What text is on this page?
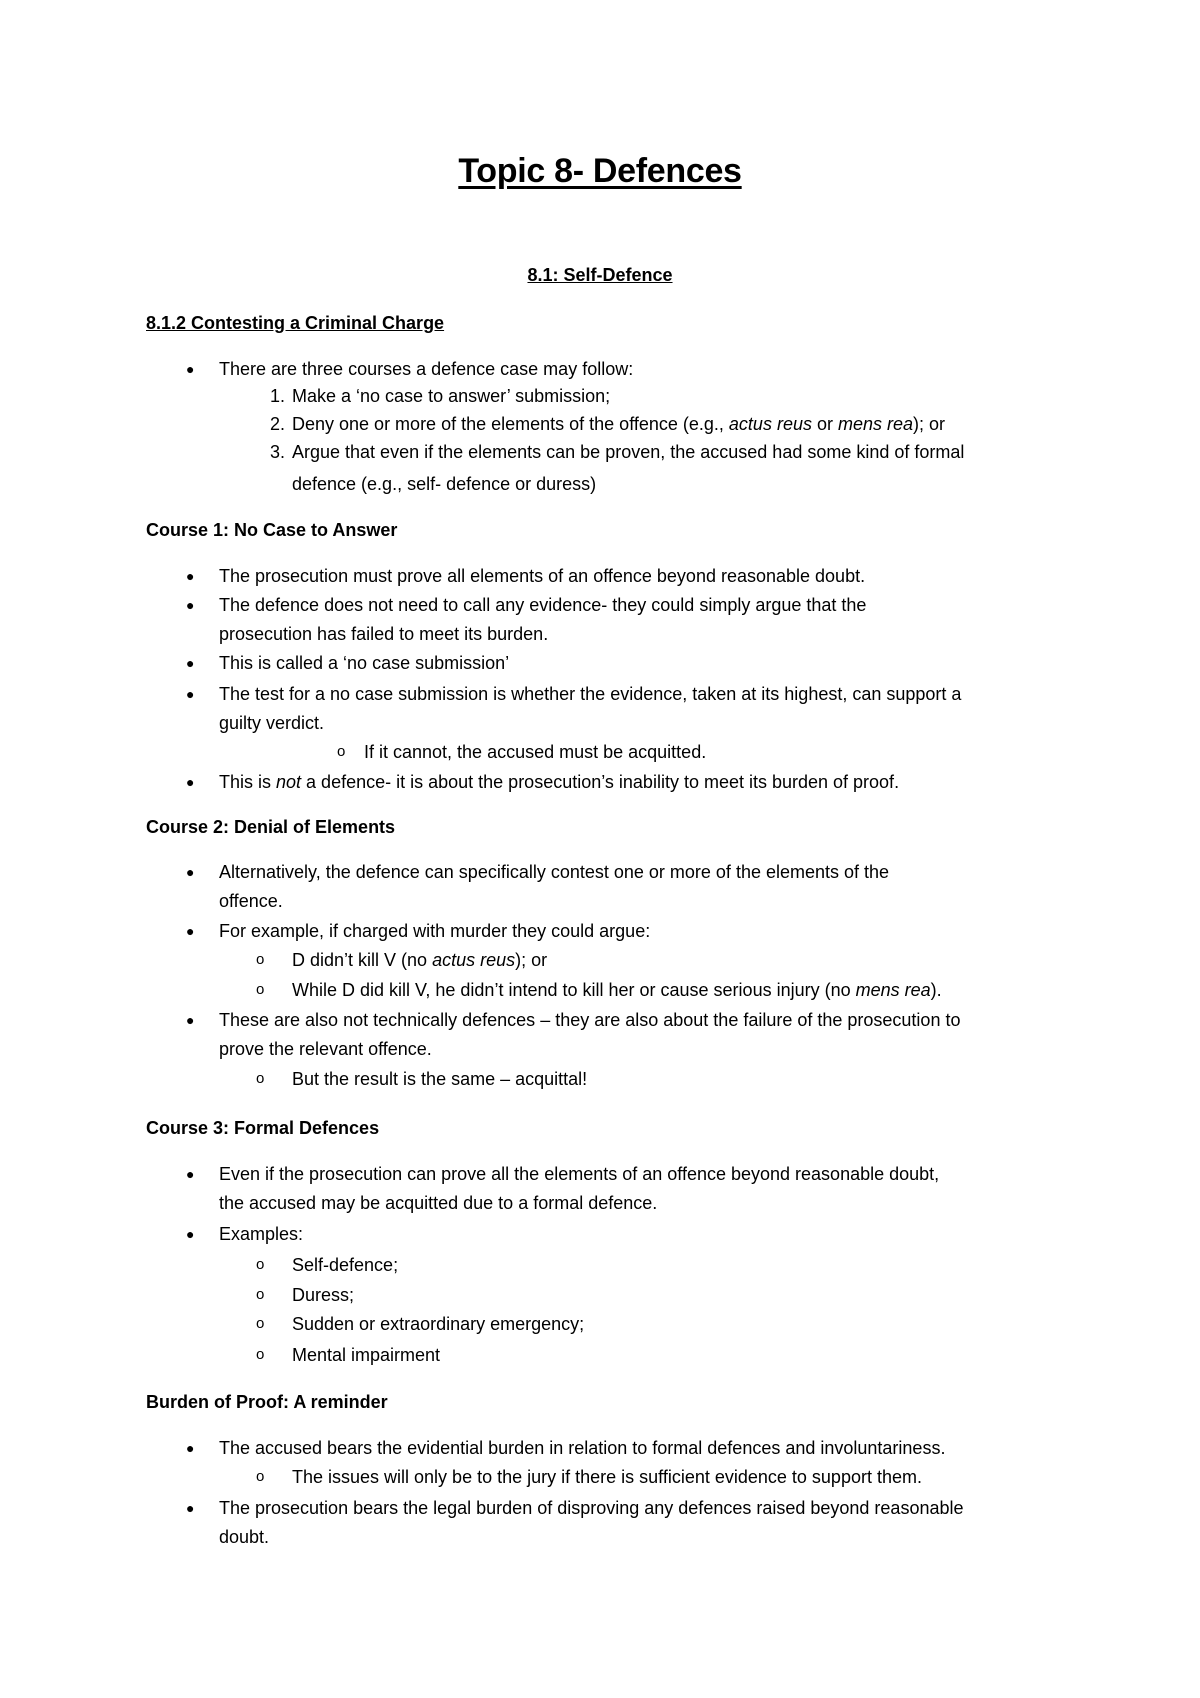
Topic 8- Defences
8.1: Self-Defence
8.1.2 Contesting a Criminal Charge
● There are three courses a defence case may follow:
1. Make a ‘no case to answer’ submission;
2. Deny one or more of the elements of the offence (e.g., actus reus or mens rea); or
3. Argue that even if the elements can be proven, the accused had some kind of formal
defence (e.g., self- defence or duress)
Course 1: No Case to Answer
● The prosecution must prove all elements of an offence beyond reasonable doubt.
● The defence does not need to call any evidence- they could simply argue that the
prosecution has failed to meet its burden.
● This is called a ‘no case submission’
● The test for a no case submission is whether the evidence, taken at its highest, can support a
guilty verdict.
o If it cannot, the accused must be acquitted.
● This is not a defence- it is about the prosecution’s inability to meet its burden of proof.
Course 2: Denial of Elements
● Alternatively, the defence can specifically contest one or more of the elements of the
offence.
● For example, if charged with murder they could argue:
o D didn’t kill V (no actus reus); or
o While D did kill V, he didn’t intend to kill her or cause serious injury (no mens rea).
● These are also not technically defences – they are also about the failure of the prosecution to
prove the relevant offence.
o But the result is the same – acquittal!
Course 3: Formal Defences
● Even if the prosecution can prove all the elements of an offence beyond reasonable doubt,
the accused may be acquitted due to a formal defence.
● Examples:
o Self-defence;
o Duress;
o Sudden or extraordinary emergency;
o Mental impairment
Burden of Proof: A reminder
● The accused bears the evidential burden in relation to formal defences and involuntariness.
o The issues will only be to the jury if there is sufficient evidence to support them.
● The prosecution bears the legal burden of disproving any defences raised beyond reasonable
doubt.
